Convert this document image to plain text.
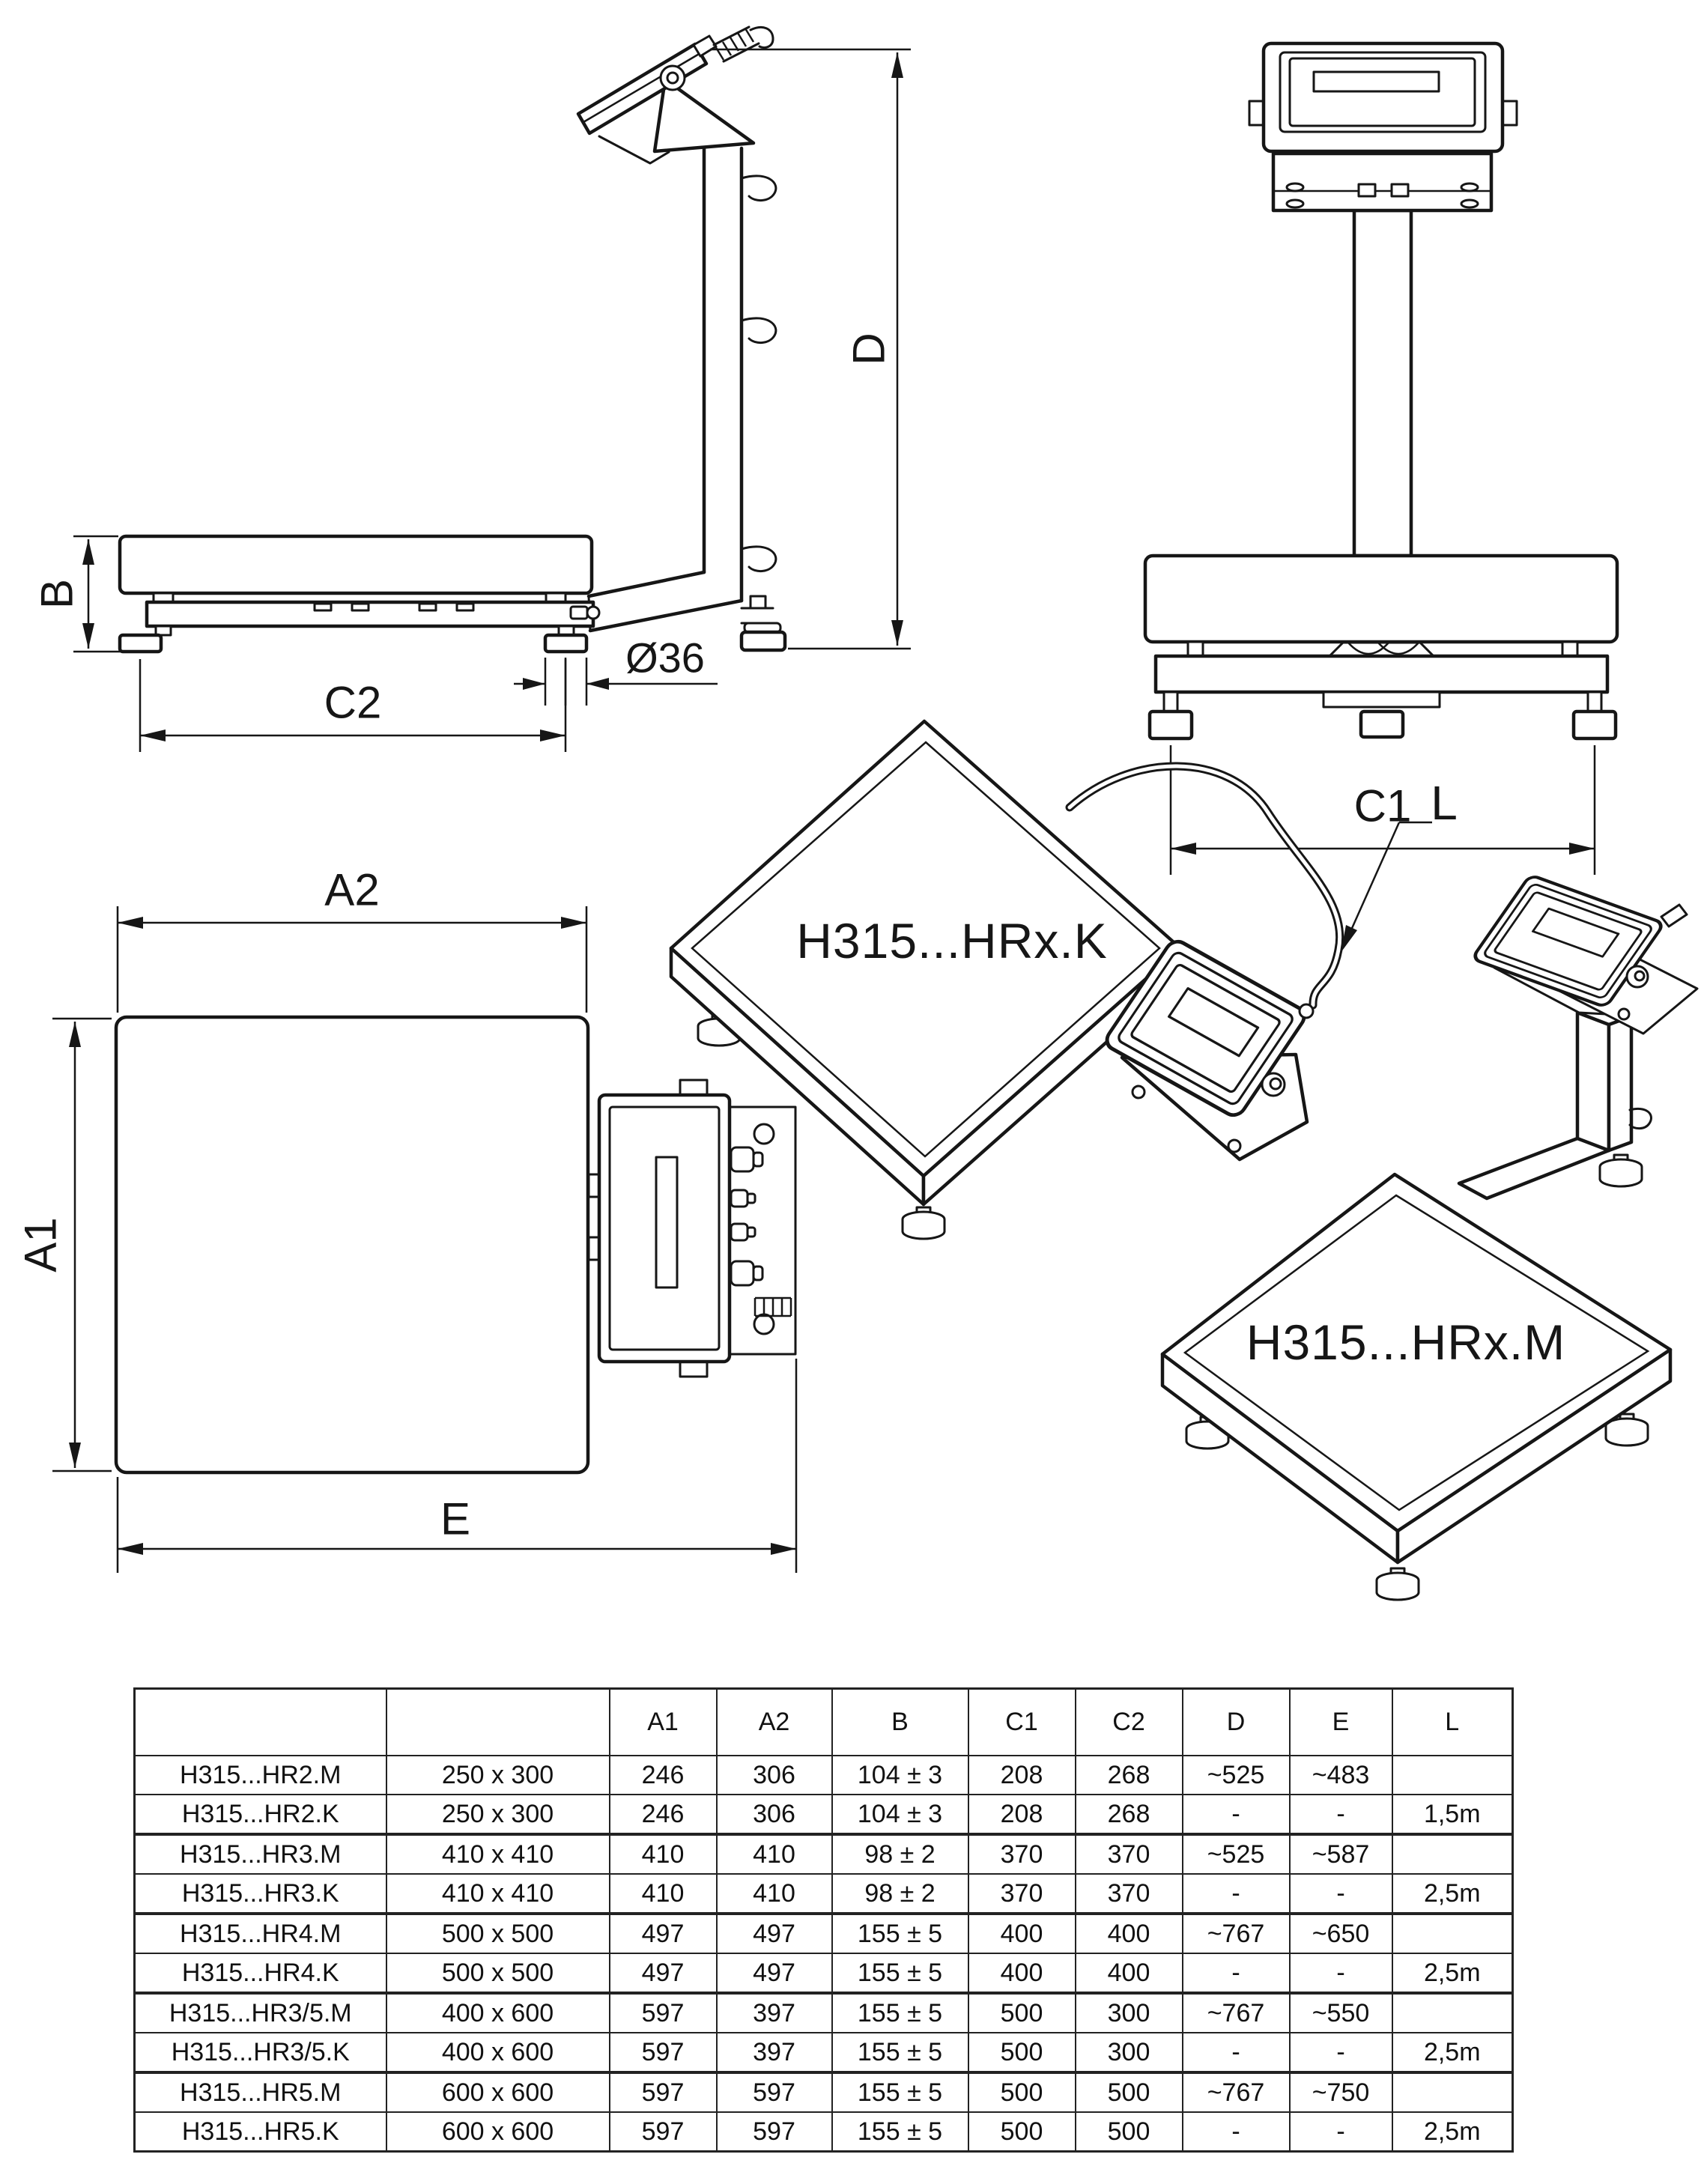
B
C2
Ø36
D
C1
A2
A1
E
H315...HRx.K
L
H315...HRx.M
		A1	A2	B	C1	C2	D	E	L
H315...HR2.M	250 x 300	246	306	104 ± 3	208	268	~525	~483	
H315...HR2.K	250 x 300	246	306	104 ± 3	208	268	-	-	1,5m
H315...HR3.M	410 x 410	410	410	98 ± 2	370	370	~525	~587	
H315...HR3.K	410 x 410	410	410	98 ± 2	370	370	-	-	2,5m
H315...HR4.M	500 x 500	497	497	155 ± 5	400	400	~767	~650	
H315...HR4.K	500 x 500	497	497	155 ± 5	400	400	-	-	2,5m
H315...HR3/5.M	400 x 600	597	397	155 ± 5	500	300	~767	~550	
H315...HR3/5.K	400 x 600	597	397	155 ± 5	500	300	-	-	2,5m
H315...HR5.M	600 x 600	597	597	155 ± 5	500	500	~767	~750	
H315...HR5.K	600 x 600	597	597	155 ± 5	500	500	-	-	2,5m
